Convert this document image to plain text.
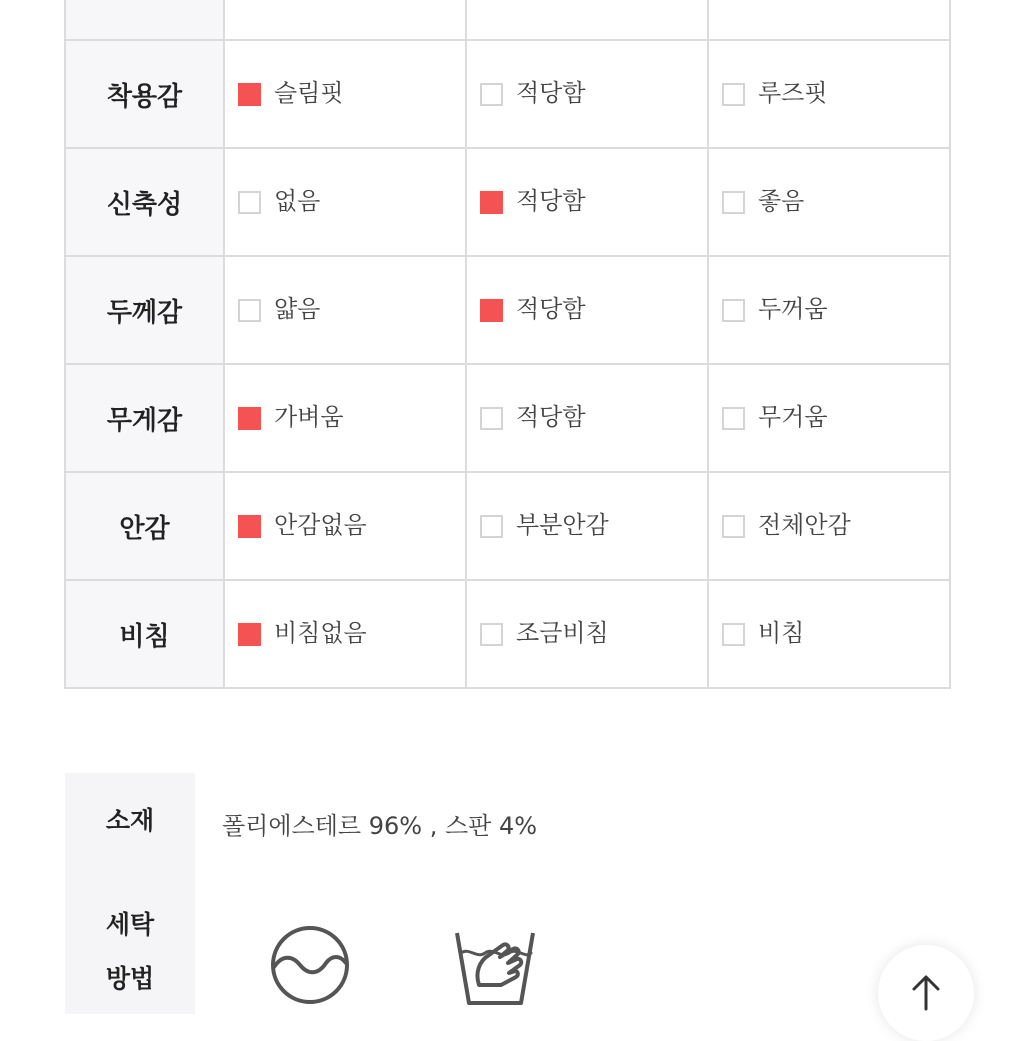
착용감	슬림핏	적당함	루즈핏

신축성	없음	적당함	좋음

두께감	얇음	적당함	두꺼움

무게감	가벼움	적당함	무거움

안감	안감없음	부분안감	전체안감

비침	비침없음	조금비침	비침
소재	폴리에스테르 96% , 스판 4%
세탁
방법
